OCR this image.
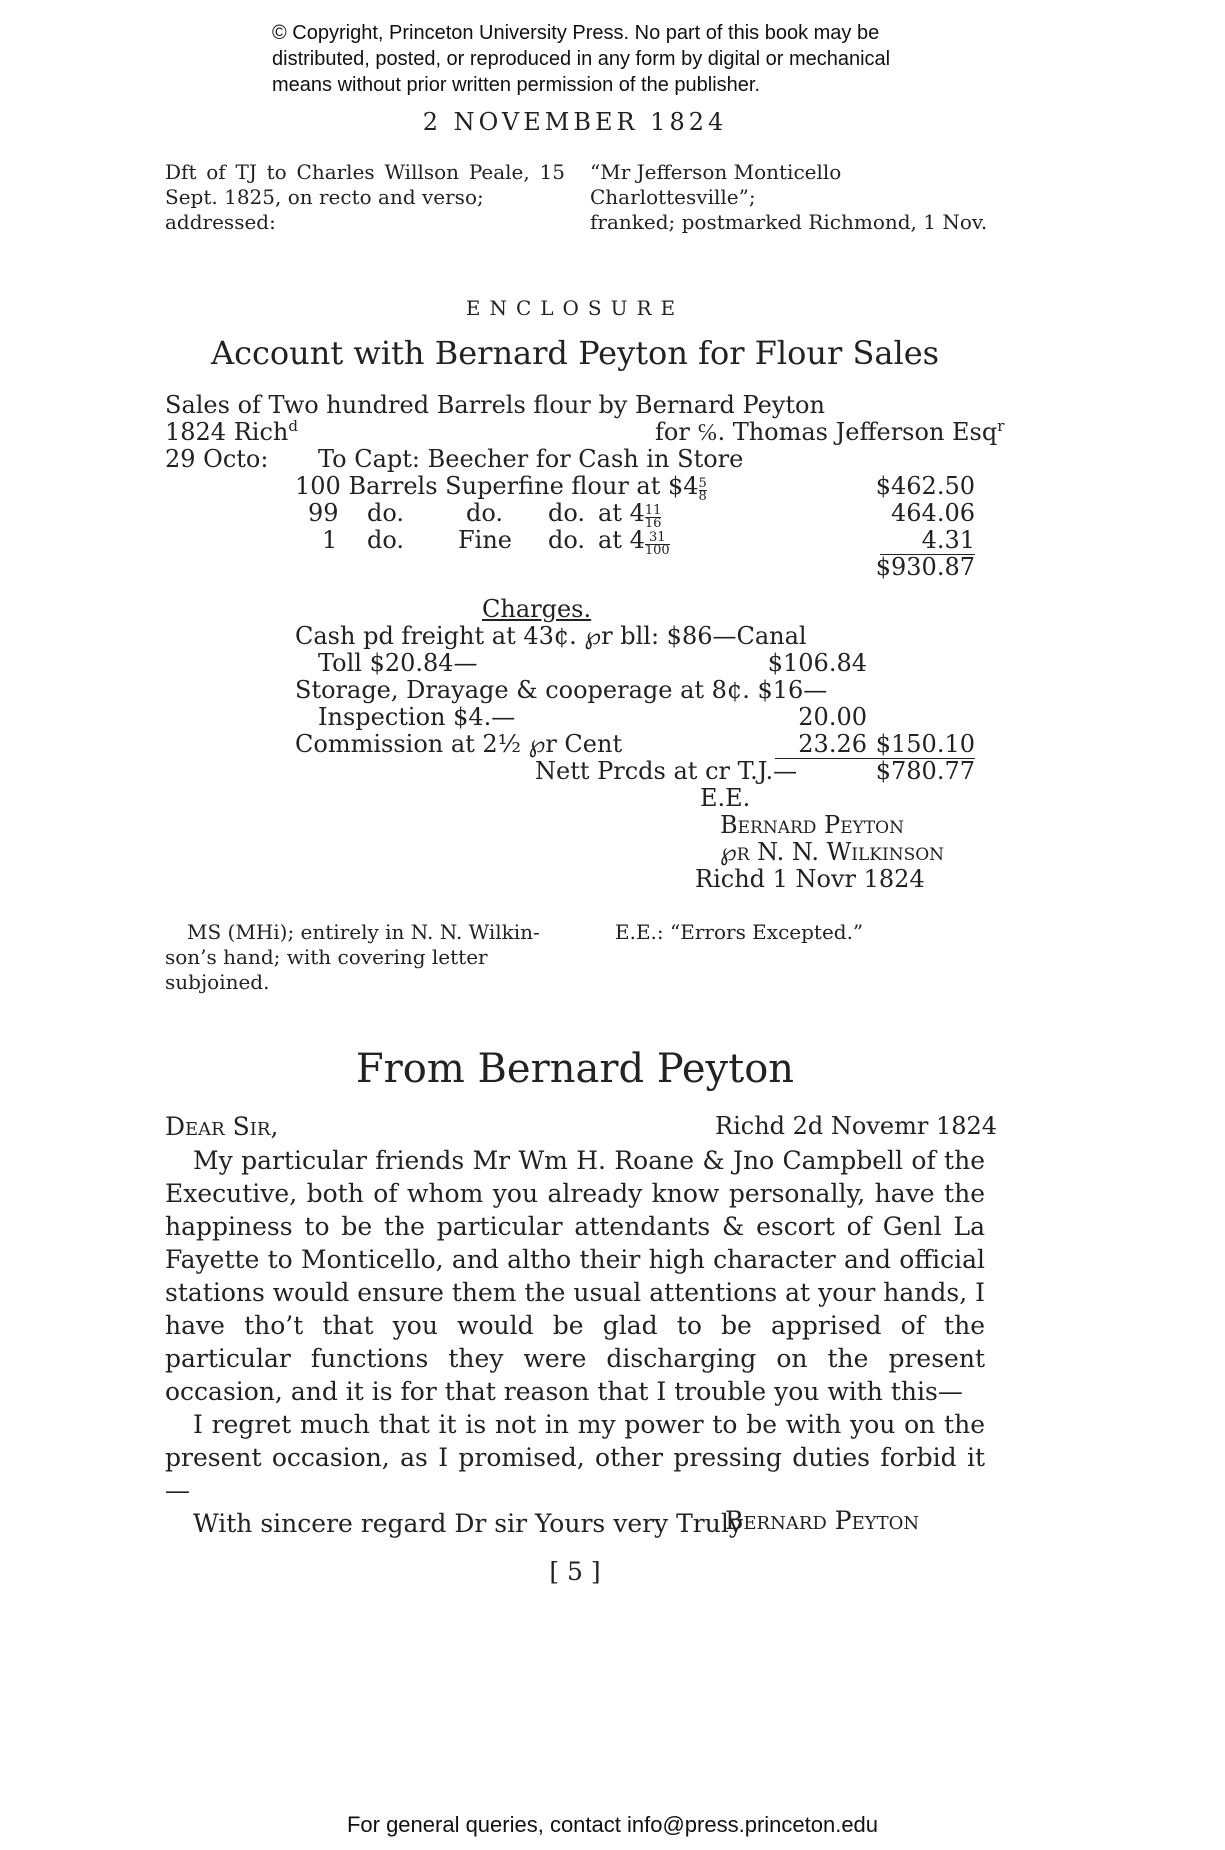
© Copyright, Princeton University Press. No part of this book may be
distributed, posted, or reproduced in any form by digital or mechanical
means without prior written permission of the publisher.
2 NOVEMBER 1824
Dft of TJ to Charles Willson Peale, 15
Sept. 1825, on recto and verso; addressed:
“Mr Jefferson Monticello Charlottesville”;
franked; postmarked Richmond, 1 Nov.
ENCLOSURE
Account with Bernard Peyton for Flour Sales
Sales of Two hundred Barrels flour by Bernard Peyton
1824 Rich$^d$	for ℅. Thomas Jefferson Esq$^r$
29 Octo: To Capt: Beecher for Cash in Store
100 Barrels Superfine flour at $4 $\frac{5}{8}$	$462.50
99 do.	do. do. at $4 \frac{11}{16}$	464.06
1 do. Fine do. at $4 \frac{31}{100}$	4.31
$930.87
Charges.
Cash pd freight at 43¢. ℘r bll: $86—Canal
Toll $20.84—	$106.84
Storage, Drayage & cooperage at 8¢. $16—
Inspection $4.—	20.00
Commission at 2½ ℘r Cent	23.26 $150.10
Nett Prcds at cr T.J.—	$780.77
E.E.
Bernard Peyton
℘r N. N. Wilkinson
Richd 1 Novr 1824
MS (MHi); entirely in N. N. Wilkin-
son’s hand; with covering letter subjoined.
E.E.: “Errors Excepted.”
From Bernard Peyton
Dear Sir,	Richd 2d Novemr 1824

My particular friends Mr Wm H. Roane & Jno Campbell of the Executive, both of whom you already know personally, have the happiness to be the particular attendants & escort of Genl La Fayette to Monticello, and altho their high character and official stations would ensure them the usual attentions at your hands, I have tho’t that you would be glad to be apprised of the particular functions they were discharging on the present occasion, and it is for that reason that I trouble you with this—

I regret much that it is not in my power to be with you on the present occasion, as I promised, other pressing duties forbid it—

With sincere regard Dr sir Yours very Truly

Bernard Peyton
[ 5 ]
For general queries, contact info@press.princeton.edu
